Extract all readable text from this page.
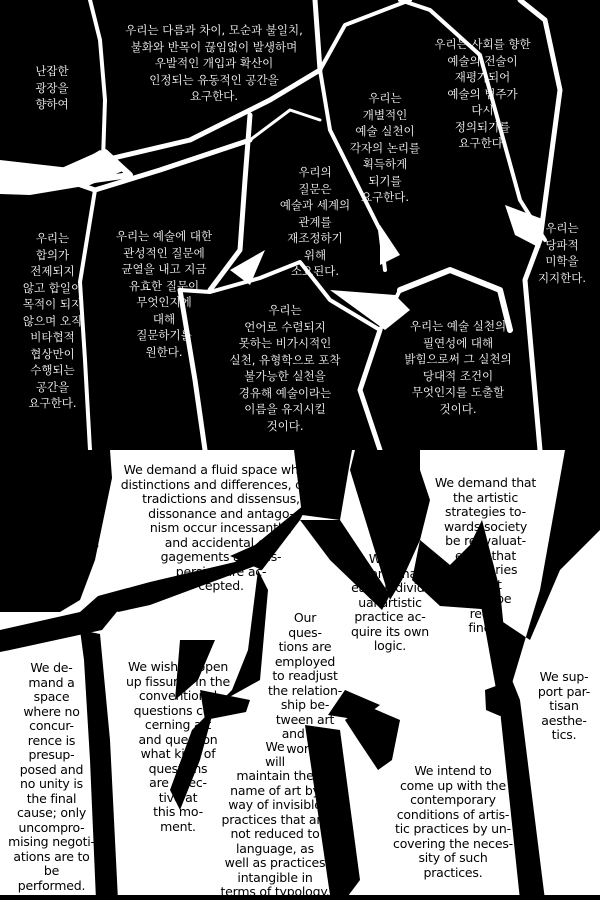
난잡한
광장을
향하여
우리는 다름과 차이, 모순과 불일치,
불화와 반목이 끊임없이 발생하며
우발적인 개입과 확산이
인정되는 유동적인 공간을
요구한다.
우리는 사회를 향한
예술의 전술이
재평가되어
예술의 범주가
다시
정의되기를
요구한다.
우리는
개별적인
예술 실천이
각자의 논리를
획득하게
되기를
요구한다.
우리의
질문은
예술과 세계의
관계를
재조정하기
위해
소요된다.
우리는
합의가
전제되지
않고 합일이
목적이 되지
않으며 오직
비타협적
협상만이
수행되는
공간을
요구한다.
우리는 예술에 대한
관성적인 질문에
균열을 내고 지금
유효한 질문이
무엇인지에
대해
질문하기를
원한다.
우리는
당파적
미학을
지지한다.
우리는
언어로 수렴되지
못하는 비가시적인
실천, 유형학으로 포착
불가능한 실천을
경유해 예술이라는
이름을 유지시킬
것이다.
우리는 예술 실천의
필연성에 대해
밝힘으로써 그 실천의
당대적 조건이
무엇인지를 도출할
것이다.
Towards a
Promiscuous
Square
We demand a fluid space where
distinctions and differences, con-
tradictions and dissensus,
dissonance and antago-
nism occur incessantly,
and accidental en-
gagements and dis-
persion are ac-
cepted.
We demand that
the artistic
strategies to-
wards society
be reevaluat-
ed so that
categories
of art
could be
rede-
fined.
We de-
mand that
each individ-
ual artistic
practice ac-
quire its own
logic.
Our
ques-
tions are
employed
to readjust
the relation-
ship be-
tween art
and the
world.
We de-
mand a
space
where no
concur-
rence is
presup-
posed and
no unity is
the final
cause; only
uncompro-
mising negoti-
ations are to be
performed.
We wish to open
up fissures in the
conventional
questions con-
cerning art
and question
what kind of
questions
are effec-
tive at
this mo-
ment.
We sup-
port par-
tisan
aesthe-
tics.
We
will
maintain the
name of art by
way of invisible
practices that are
not reduced to
language, as
well as practices
intangible in
terms of typology.
We intend to
come up with the
contemporary
conditions of artis-
tic practices by un-
covering the neces-
sity of such
practices.
